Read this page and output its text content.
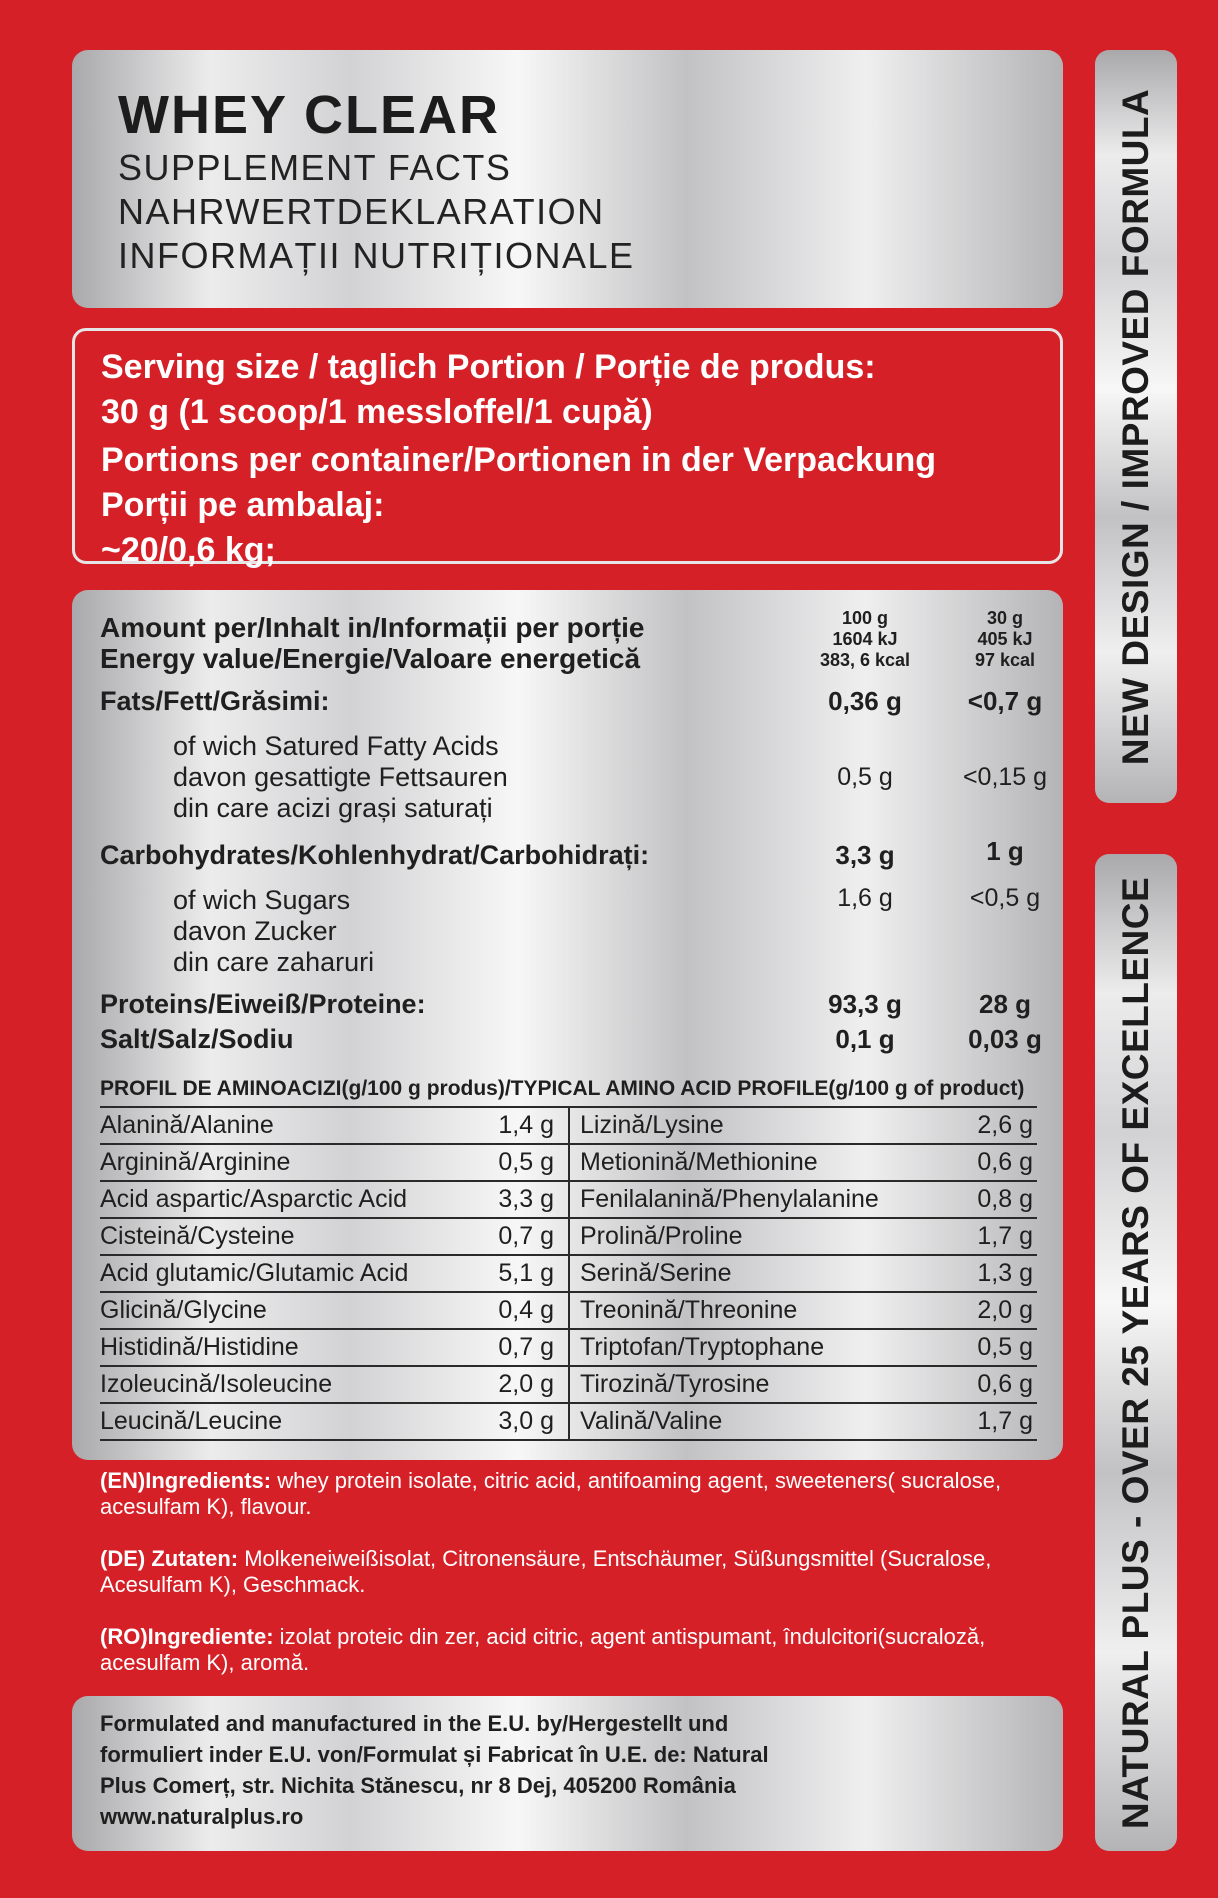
WHEY CLEAR
SUPPLEMENT FACTS
NAHRWERTDEKLARATION
INFORMAȚII NUTRIȚIONALE
Serving size / taglich Portion / Porție de produs:
30 g (1 scoop/1 messloffel/1 cupă)
Portions per container/Portionen in der Verpackung
Porții pe ambalaj:
~20/0,6 kg;
Amount per/Inhalt in/Informații per porție
Energy value/Energie/Valoare energetică
100 g
1604 kJ
383, 6 kcal
30 g
405 kJ
97 kcal
Fats/Fett/Grăsimi:	0,36 g	<0,7 g
of wich Satured Fatty Acids
davon gesattigte Fettsauren
din care acizi grași saturați
0,5 g	<0,15 g
Carbohydrates/Kohlenhydrat/Carbohidrați:	3,3 g	1 g
of wich Sugars
davon Zucker
din care zaharuri
1,6 g	<0,5 g
Proteins/Eiweiß/Proteine:	93,3 g	28 g
Salt/Salz/Sodiu	0,1 g	0,03 g
PROFIL DE AMINOACIZI(g/100 g produs)/TYPICAL AMINO ACID PROFILE(g/100 g of product)
Alanină/Alanine	1,4 g Lizină/Lysine	2,6 g
Arginină/Arginine	0,5 g Metionină/Methionine	0,6 g
Acid aspartic/Asparctic Acid	3,3 g Fenilalanină/Phenylalanine	0,8 g
Cisteină/Cysteine	0,7 g Prolină/Proline	1,7 g
Acid glutamic/Glutamic Acid	5,1 g Serină/Serine	1,3 g
Glicină/Glycine	0,4 g Treonină/Threonine	2,0 g
Histidină/Histidine	0,7 g Triptofan/Tryptophane	0,5 g
Izoleucină/Isoleucine	2,0 g Tirozină/Tyrosine	0,6 g
Leucină/Leucine	3,0 g Valină/Valine	1,7 g

(EN)Ingredients: whey protein isolate, citric acid, antifoaming agent, sweeteners( sucralose, acesulfam K), flavour.

(DE) Zutaten: Molkeneiweißisolat, Citronensäure, Entschäumer, Süßungsmittel (Sucralose, Acesulfam K), Geschmack.

(RO)Ingrediente: izolat proteic din zer, acid citric, agent antispumant, îndulcitori(sucraloză, acesulfam K), aromă.

Formulated and manufactured in the E.U. by/Hergestellt und
formuliert inder E.U. von/Formulat și Fabricat în U.E. de: Natural
Plus Comerț, str. Nichita Stănescu, nr 8 Dej, 405200 România
www.naturalplus.ro
NEW DESIGN / IMPROVED FORMULA
NATURAL PLUS - OVER 25 YEARS OF EXCELLENCE
